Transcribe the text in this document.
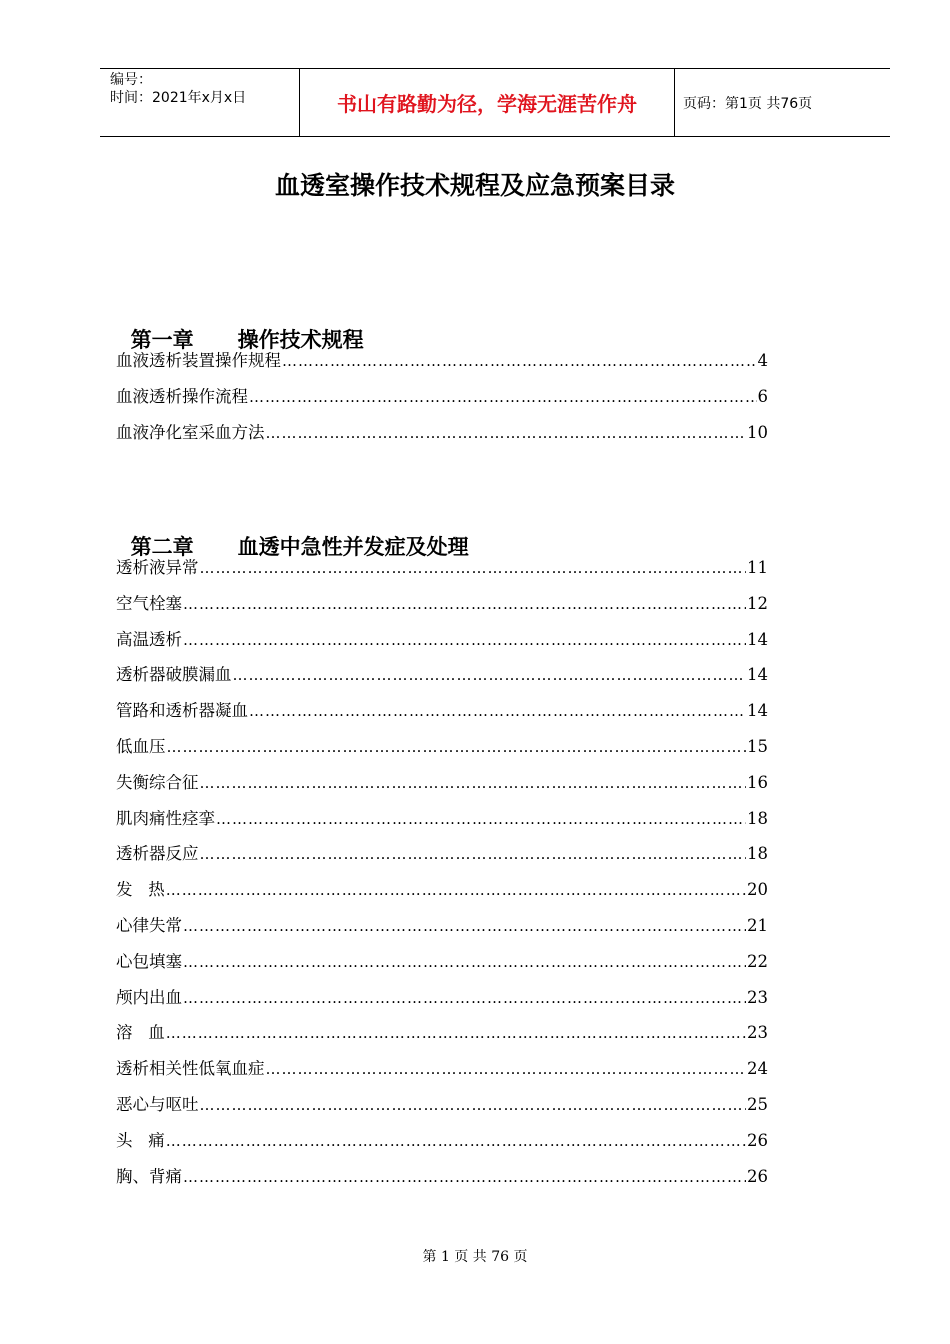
编号：
时间：2021年x月x日	书山有路勤为径，学海无涯苦作舟	页码：第1页 共76页
血透室操作技术规程及应急预案目录

第一章 操作技术规程

血液透析装置操作规程 ……………………………………………………………………………………………………………………………………………………………………	4
血液透析操作流程 ……………………………………………………………………………………………………………………………………………………………………	6
血液净化室采血方法 ……………………………………………………………………………………………………………………………………………………………………	10

第二章 血透中急性并发症及处理

透析液异常 ……………………………………………………………………………………………………………………………………………………………………	11
空气栓塞 ……………………………………………………………………………………………………………………………………………………………………	12
高温透析 ……………………………………………………………………………………………………………………………………………………………………	14
透析器破膜漏血 ……………………………………………………………………………………………………………………………………………………………………	14
管路和透析器凝血 ……………………………………………………………………………………………………………………………………………………………………	14
低血压 ……………………………………………………………………………………………………………………………………………………………………	15
失衡综合征 ……………………………………………………………………………………………………………………………………………………………………	16
肌肉痛性痉挛 ……………………………………………………………………………………………………………………………………………………………………	18
透析器反应 ……………………………………………………………………………………………………………………………………………………………………	18
发   热 ……………………………………………………………………………………………………………………………………………………………………	20
心律失常 ……………………………………………………………………………………………………………………………………………………………………	21
心包填塞 ……………………………………………………………………………………………………………………………………………………………………	22
颅内出血 ……………………………………………………………………………………………………………………………………………………………………	23
溶   血 ……………………………………………………………………………………………………………………………………………………………………	23
透析相关性低氧血症 ……………………………………………………………………………………………………………………………………………………………………	24
恶心与呕吐 ……………………………………………………………………………………………………………………………………………………………………	25
头   痛 ……………………………………………………………………………………………………………………………………………………………………	26
胸、背痛 ……………………………………………………………………………………………………………………………………………………………………	26
第 1 页 共 76 页
